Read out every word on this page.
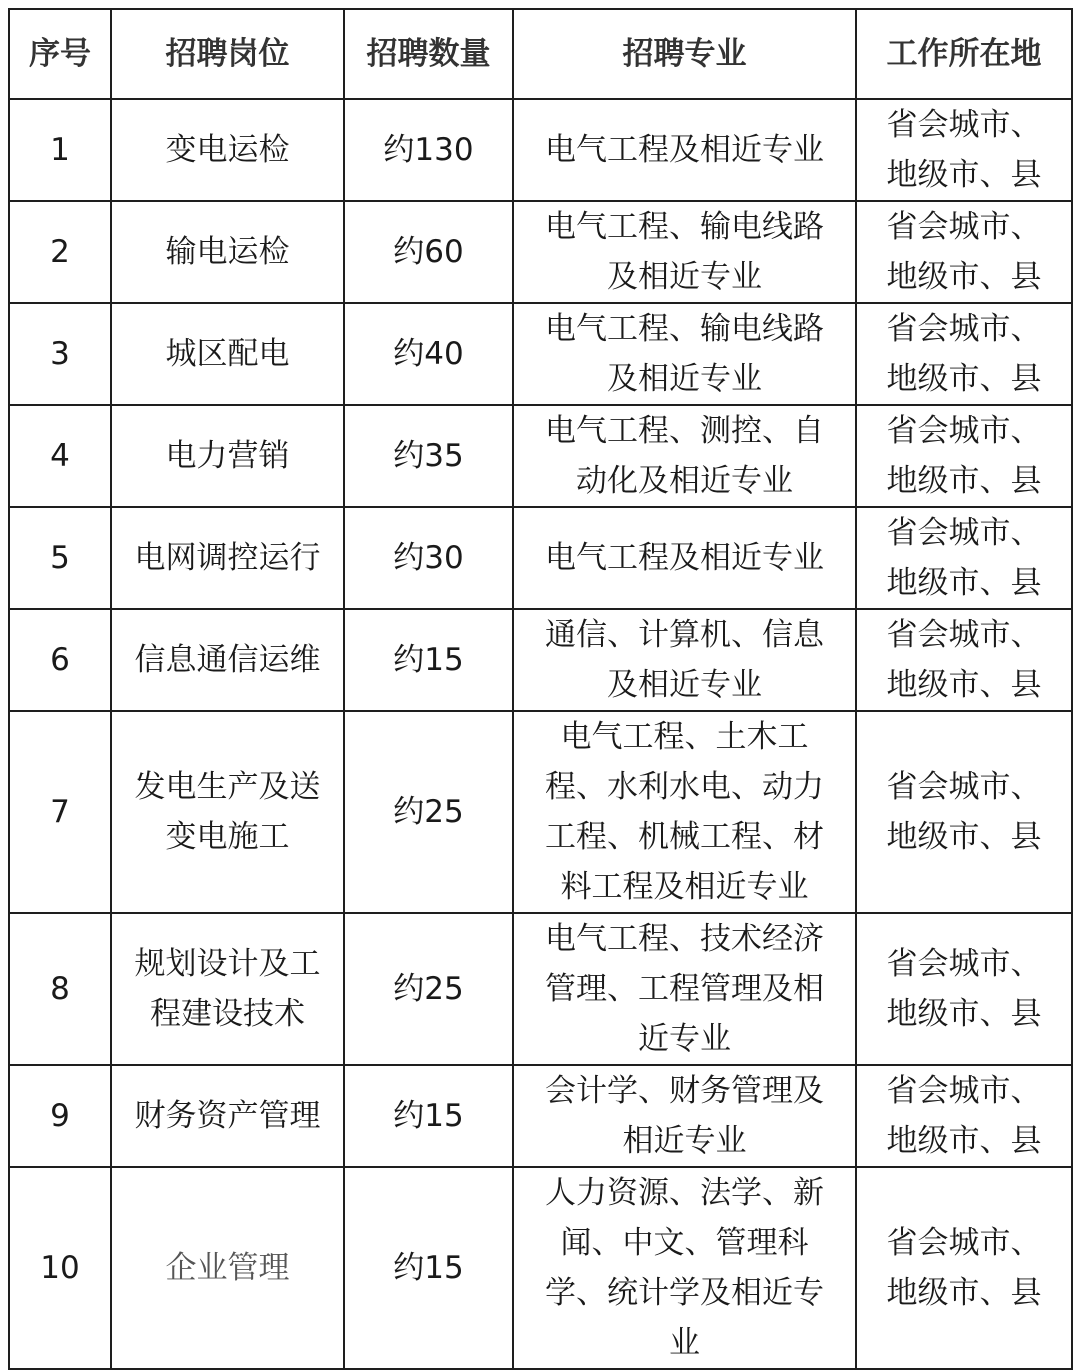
序号	招聘岗位	招聘数量	招聘专业	工作所在地
1	变电运检	约130	电气工程及相近专业	省会城市、
地级市、县

2	输电运检	约60	电气工程、输电线路
及相近专业	省会城市、
地级市、县

3	城区配电	约40	电气工程、输电线路
及相近专业	省会城市、
地级市、县

4	电力营销	约35	电气工程、测控、自
动化及相近专业	省会城市、
地级市、县

5	电网调控运行	约30	电气工程及相近专业	省会城市、
地级市、县

6	信息通信运维	约15	通信、计算机、信息
及相近专业	省会城市、
地级市、县

7	发电生产及送
变电施工	约25	电气工程、土木工
程、水利水电、动力
工程、机械工程、材
料工程及相近专业	省会城市、
地级市、县

8	规划设计及工
程建设技术	约25	电气工程、技术经济
管理、工程管理及相
近专业	省会城市、
地级市、县

9	财务资产管理	约15	会计学、财务管理及
相近专业	省会城市、
地级市、县

10	企业管理	约15	人力资源、法学、新
闻、中文、管理科
学、统计学及相近专
业	省会城市、
地级市、县
